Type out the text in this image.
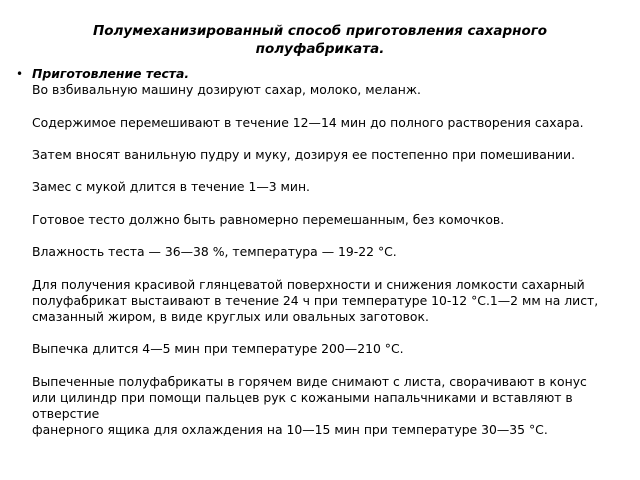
Полумеханизированный способ приготовления сахарного полуфабриката.
• Приготовление теста.

Во взбивальную машину дозируют сахар, молоко, меланж.

Содержимое перемешивают в течение 12—14 мин до полного растворения сахара.

Затем вносят ванильную пудру и муку, дозируя ее постепенно при помешивании.

Замес с мукой длится в течение 1—3 мин.

Готовое тесто должно быть равномерно перемешанным, без комочков.

Влажность теста — 36—38 %, температура — 19-22 °С.

Для получения красивой глянцеватой поверхности и снижения ломкости сахарный полуфабрикат выстаивают в течение 24 ч при температуре 10-12 °С.1—2 мм на лист, смазанный жиром, в виде круглых или овальных заготовок.

Выпечка длится 4—5 мин при температуре 200—210 °С.

Выпеченные полуфабрикаты в горячем виде снимают с листа, сворачивают в конус или цилиндр при помощи пальцев рук с кожаными напальчниками и вставляют в отверстие

фанерного ящика для охлаждения на 10—15 мин при температуре 30—35 °С.
